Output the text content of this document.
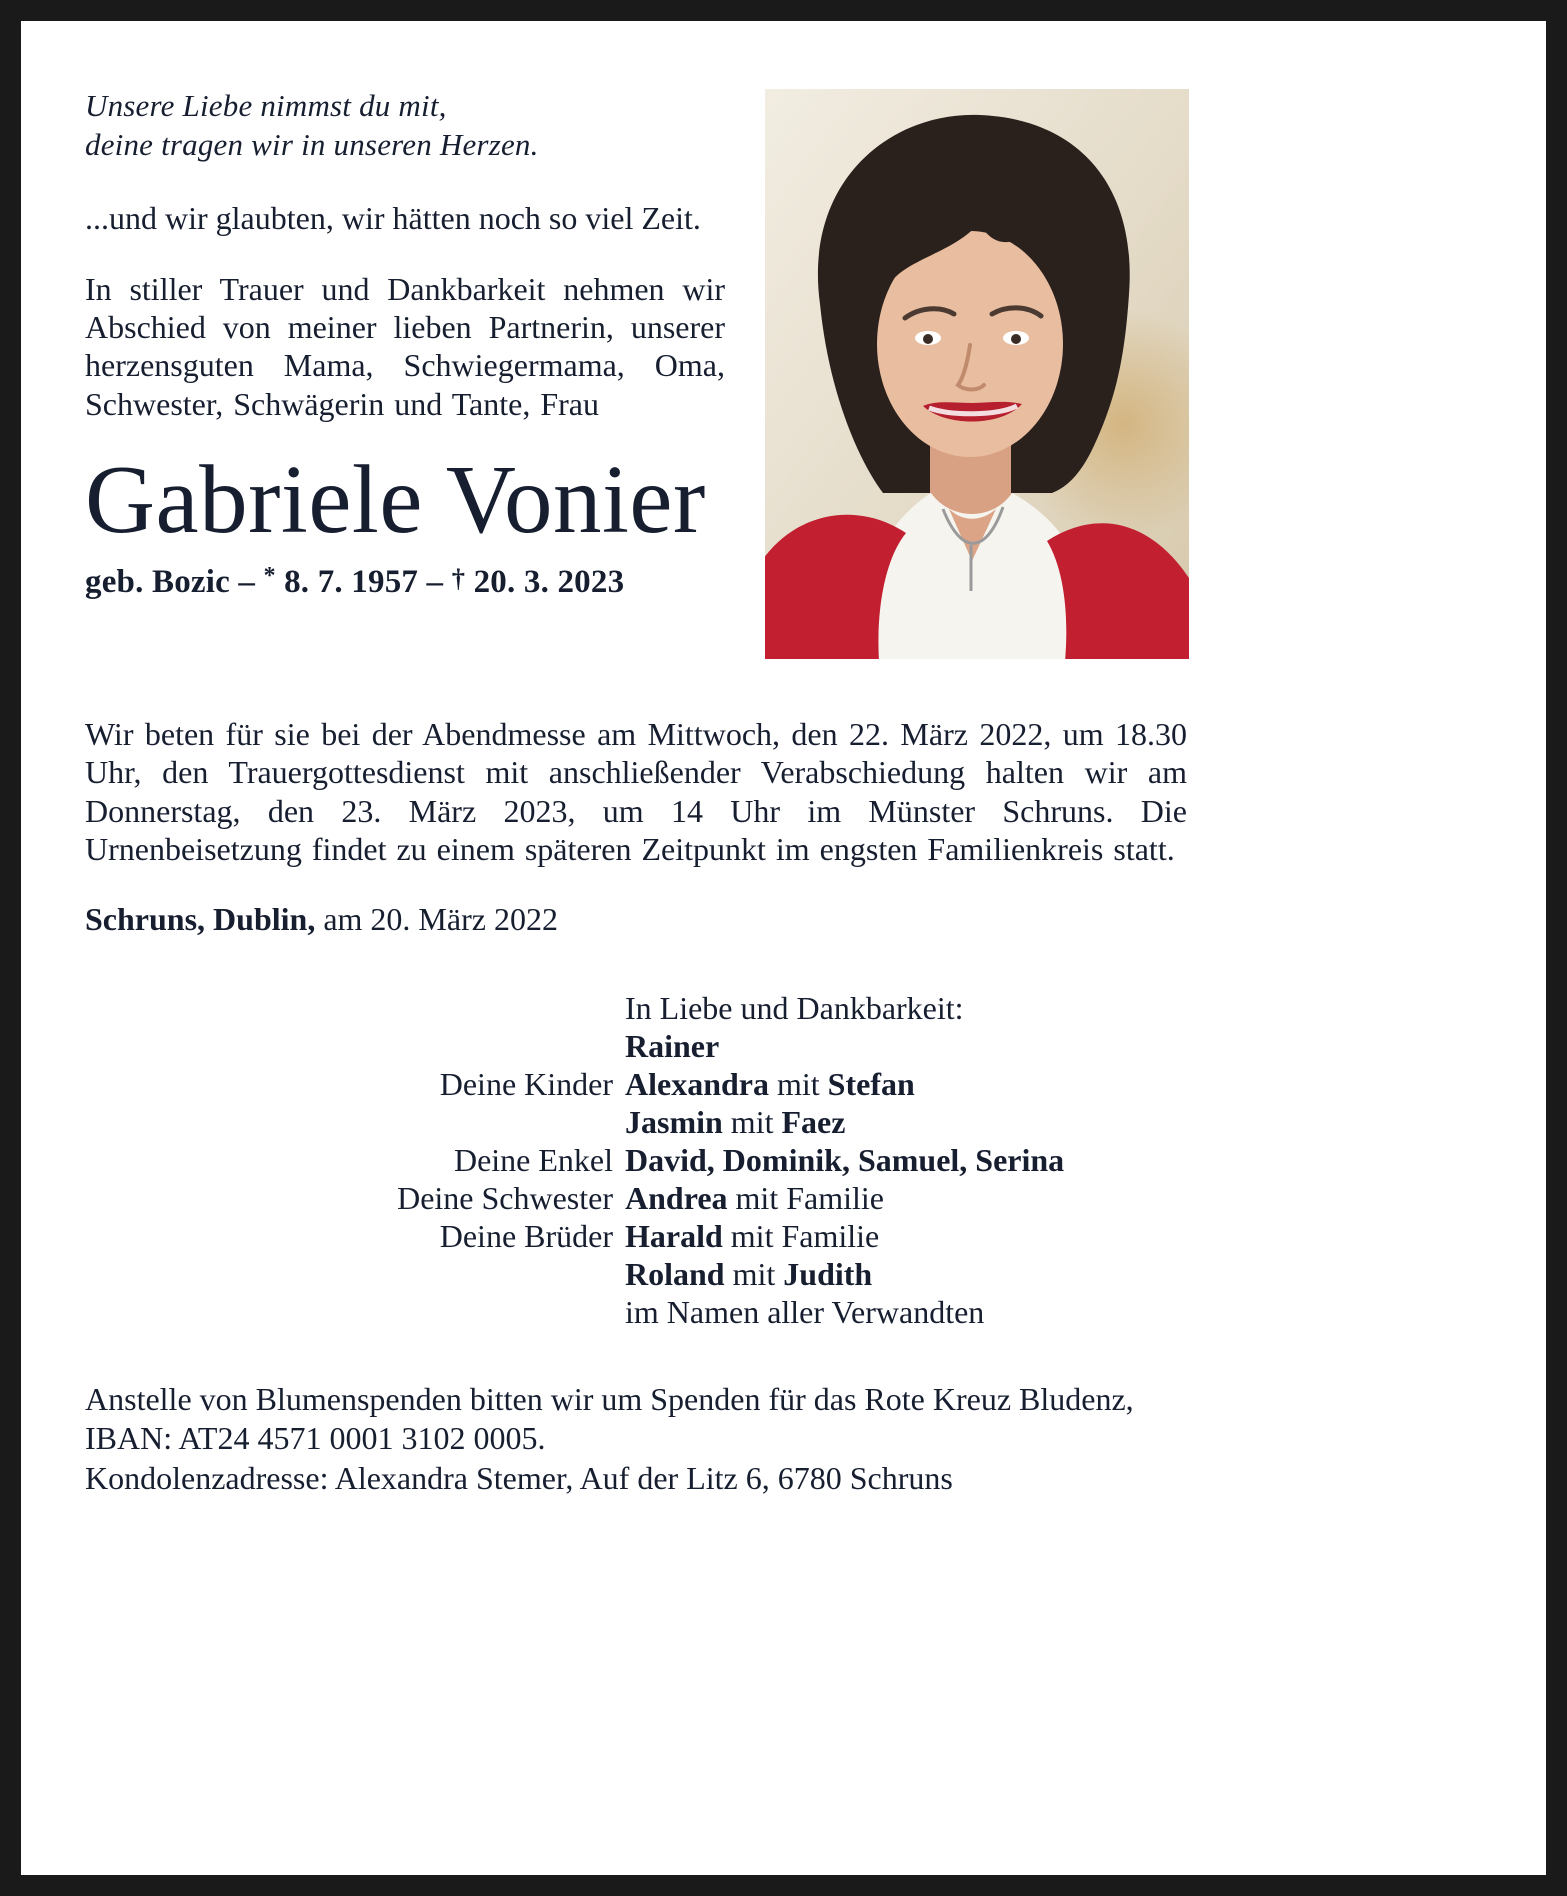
Unsere Liebe nimmst du mit,
deine tragen wir in unseren Herzen.

...und wir glaubten, wir hätten noch so viel Zeit.

In stiller Trauer und Dankbarkeit nehmen wir Abschied von meiner lieben Partnerin, unserer herzensguten Mama, Schwiegermama, Oma, Schwester, Schwägerin und Tante, Frau

Gabriele Vonier

geb. Bozic – * 8. 7. 1957 – † 20. 3. 2023

Wir beten für sie bei der Abendmesse am Mittwoch, den 22. März 2022, um 18.30 Uhr, den Trauergottesdienst mit anschließender Verabschiedung halten wir am Donnerstag, den 23. März 2023, um 14 Uhr im Münster Schruns. Die Urnenbeisetzung findet zu einem späteren Zeitpunkt im engsten Familienkreis statt.

Schruns, Dublin, am 20. März 2022

In Liebe und Dankbarkeit:
Rainer
Deine Kinder Alexandra mit Stefan
Jasmin mit Faez
Deine Enkel David, Dominik, Samuel, Serina
Deine Schwester Andrea mit Familie
Deine Brüder Harald mit Familie
Roland mit Judith
im Namen aller Verwandten

Anstelle von Blumenspenden bitten wir um Spenden für das Rote Kreuz Bludenz, IBAN: AT24 4571 0001 3102 0005.

Kondolenzadresse: Alexandra Stemer, Auf der Litz 6, 6780 Schruns
